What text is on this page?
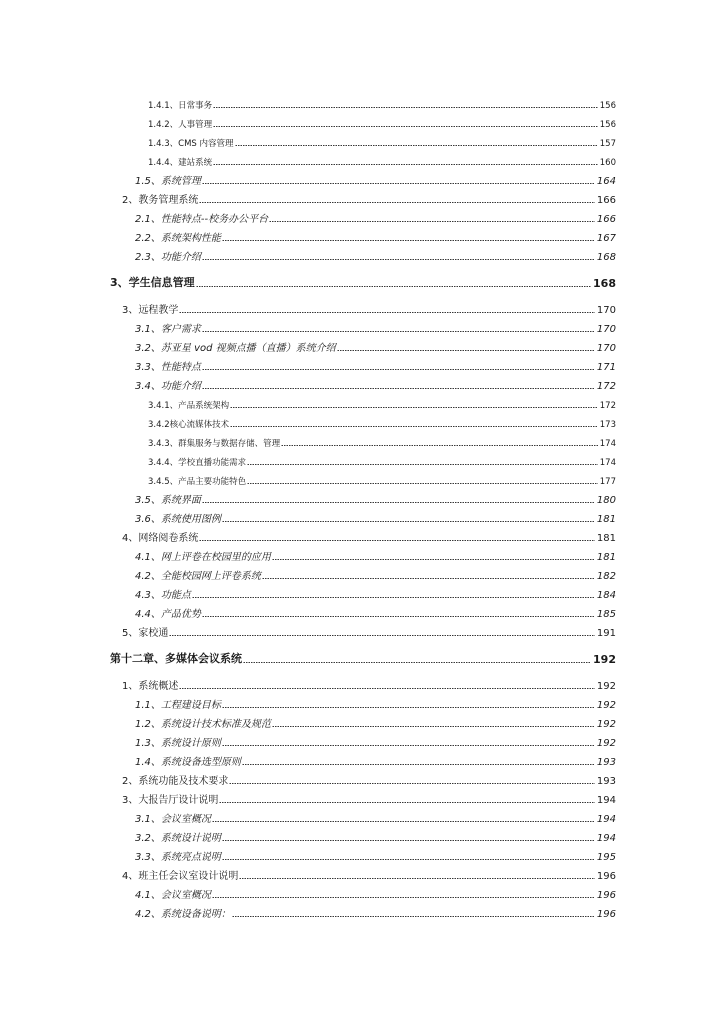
1.4.1、日常事务	156
1.4.2、人事管理	156
1.4.3、CMS 内容管理	157
1.4.4、建站系统	160
1.5、系统管理	164
2、教务管理系统	166
2.1、性能特点--校务办公平台	166
2.2、系统架构性能	167
2.3、功能介绍	168
3、学生信息管理	168
3、远程教学	170
3.1、客户需求	170
3.2、苏亚星 vod 视频点播（直播）系统介绍	170
3.3、性能特点	171
3.4、功能介绍	172
3.4.1、产品系统架构	172
3.4.2核心流媒体技术	173
3.4.3、群集服务与数据存储、管理	174
3.4.4、学校直播功能需求	174
3.4.5、产品主要功能特色	177
3.5、系统界面	180
3.6、系统使用图例	181
4、网络阅卷系统	181
4.1、网上评卷在校园里的应用	181
4.2、全能校园网上评卷系统	182
4.3、功能点	184
4.4、产品优势	185
5、家校通	191
第十二章、多媒体会议系统	192
1、系统概述	192
1.1、工程建设目标	192
1.2、系统设计技术标准及规范	192
1.3、系统设计原则	192
1.4、系统设备选型原则	193
2、系统功能及技术要求	193
3、大报告厅设计说明	194
3.1、会议室概况	194
3.2、系统设计说明	194
3.3、系统亮点说明	195
4、班主任会议室设计说明	196
4.1、会议室概况	196
4.2、系统设备说明：	196
